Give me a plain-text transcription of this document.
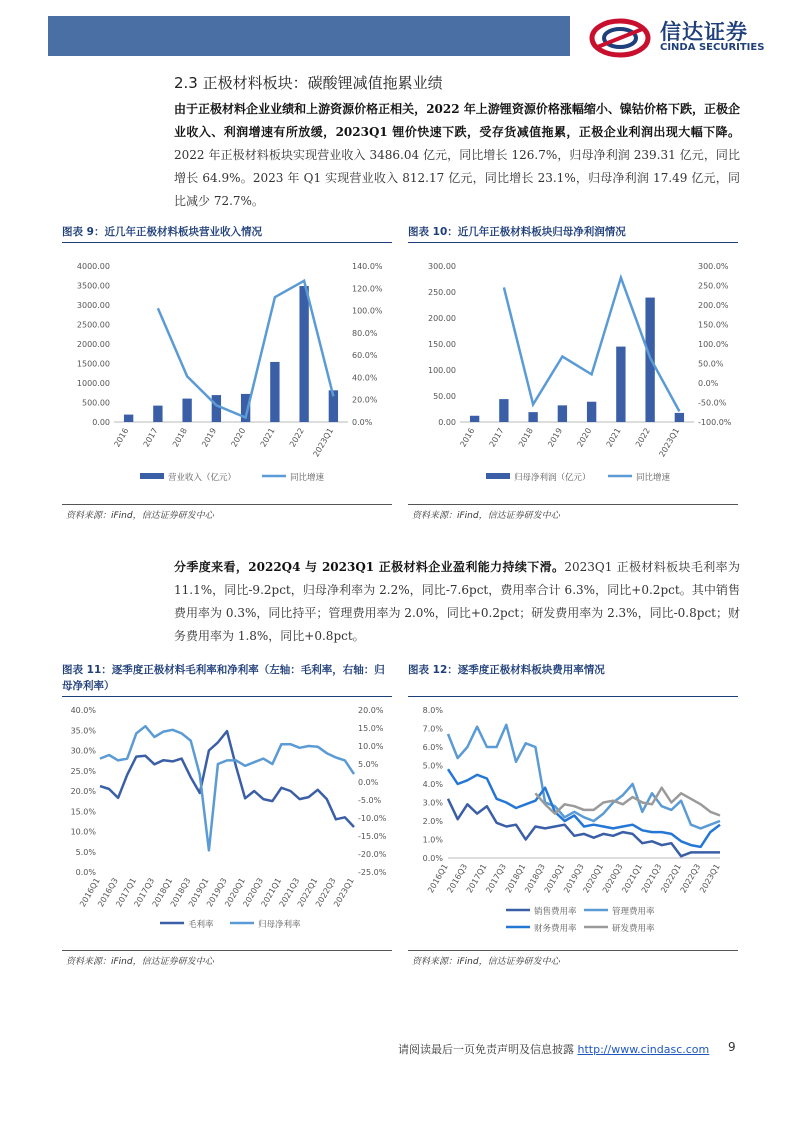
信达证券
CINDA SECURITIES
2.3 正极材料板块：碳酸锂减值拖累业绩
由于正极材料企业业绩和上游资源价格正相关，2022 年上游锂资源价格涨幅缩小、镍钴价格下跌，正极企业收入、利润增速有所放缓，2023Q1 锂价快速下跌，受存货减值拖累，正极企业利润出现大幅下降。2022 年正极材料板块实现营业收入 3486.04 亿元，同比增长 126.7%，归母净利润 239.31 亿元，同比增长 64.9%。2023 年 Q1 实现营业收入 812.17 亿元，同比增长 23.1%，归母净利润 17.49 亿元，同比减少 72.7%。
图表 9：近几年正极材料板块营业收入情况
0.00
500.00
1000.00
1500.00
2000.00
2500.00
3000.00
3500.00
4000.00
0.0%
20.0%
40.0%
60.0%
80.0%
100.0%
120.0%
140.0%
2016 2017 2018 2019 2020 2021 2022 2023Q1
营业收入（亿元）	同比增速
资料来源：iFind，信达证券研发中心
图表 10：近几年正极材料板块归母净利润情况
0.00
50.00
100.00
150.00
200.00
250.00
300.00
-100.0%
-50.0%
0.0%
50.0%
100.0%
150.0%
200.0%
250.0%
300.0%
2016 2017 2018 2019 2020 2021 2022 2023Q1
归母净利润（亿元）	同比增速
资料来源：iFind，信达证券研发中心
分季度来看，2022Q4 与 2023Q1 正极材料企业盈利能力持续下滑。2023Q1 正极材料板块毛利率为 11.1%，同比-9.2pct，归母净利率为 2.2%，同比-7.6pct，费用率合计 6.3%，同比+0.2pct。其中销售费用率为 0.3%，同比持平；管理费用率为 2.0%，同比+0.2pct；研发费用率为 2.3%，同比-0.8pct；财务费用率为 1.8%，同比+0.8pct。
图表 11：逐季度正极材料毛利率和净利率（左轴：毛利率，右轴：归母净利率）
0.0%
5.0%
10.0%
15.0%
20.0%
25.0%
30.0%
35.0%
40.0%
-25.0%
-20.0%
-15.0%
-10.0%
-5.0%
0.0%
5.0%
10.0%
15.0%
20.0%
2016Q1
2016Q3
2017Q1
2017Q3
2018Q1
2018Q3
2019Q1
2019Q3
2020Q1
2020Q3
2021Q1
2021Q3
2022Q1
2022Q3
2023Q1
毛利率	归母净利率
资料来源：iFind，信达证券研发中心
图表 12：逐季度正极材料板块费用率情况
0.0%
1.0%
2.0%
3.0%
4.0%
5.0%
6.0%
7.0%
8.0%
2016Q1
2016Q3
2017Q1
2017Q3
2018Q1
2018Q3
2019Q1
2019Q3
2020Q1
2020Q3
2021Q1
2021Q3
2022Q1
2022Q3
2023Q1
销售费用率	管理费用率
财务费用率	研发费用率
资料来源：iFind，信达证券研发中心
请阅读最后一页免责声明及信息披露 http://www.cindasc.com 9
